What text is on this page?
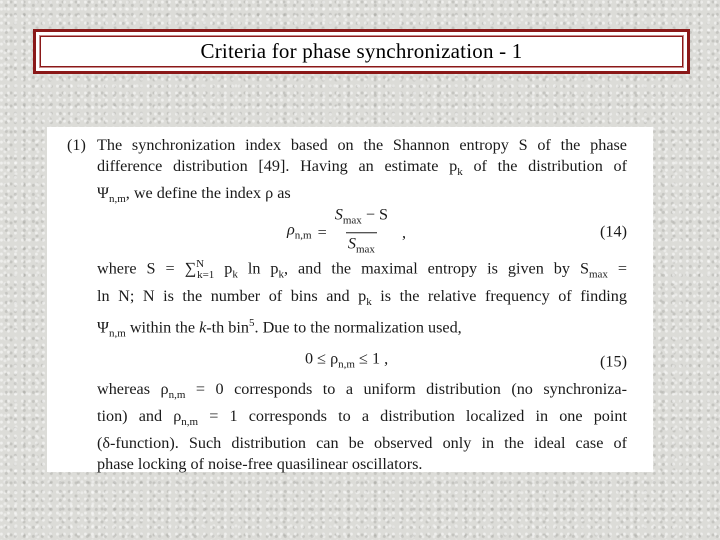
Criteria for phase synchronization - 1
(1) The synchronization index based on the Shannon entropy S of the phase
difference distribution [49]. Having an estimate $p_k$ of the distribution of
$\Psi_{n,m}$, we define the index ρ as
$\rho_{n,m} = \frac{S_{max} - S}{S_{max}}$ ,	(14)
where S = ∑$^N_{k=1}$ $p_k$ $\ln p_k$, and the maximal entropy is given by $S_{max}$ =
ln N; N is the number of bins and $p_k$ is the relative frequency of finding
$\Psi_{n,m}$ within the k-th bin$^5$. Due to the normalization used,
$0 \le \rho_{n,m} \le 1$ ,	(15)
whereas $\rho_{n,m} = 0$ corresponds to a uniform distribution (no synchroniza-
tion) and $\rho_{n,m} = 1$ corresponds to a distribution localized in one point
(δ-function). Such distribution can be observed only in the ideal case of
phase locking of noise-free quasilinear oscillators.
